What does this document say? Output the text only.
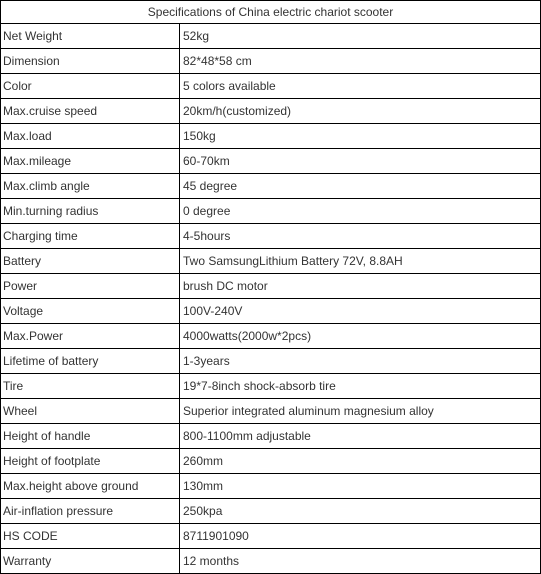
Specifications of China electric chariot scooter	
Net Weight	52kg
Dimension	82*48*58 cm
Color	5 colors available
Max.cruise speed	20km/h(customized)
Max.load	150kg
Max.mileage	60-70km
Max.climb angle	45 degree
Min.turning radius	0 degree
Charging time	4-5hours
Battery	Two SamsungLithium Battery 72V, 8.8AH
Power	brush DC motor
Voltage	100V-240V
Max.Power	4000watts(2000w*2pcs)
Lifetime of battery	1-3years
Tire	19*7-8inch shock-absorb tire
Wheel	Superior integrated aluminum magnesium alloy
Height of handle	800-1100mm adjustable
Height of footplate	260mm
Max.height above ground	130mm
Air-inflation pressure	250kpa
HS CODE	8711901090
Warranty	12 months
